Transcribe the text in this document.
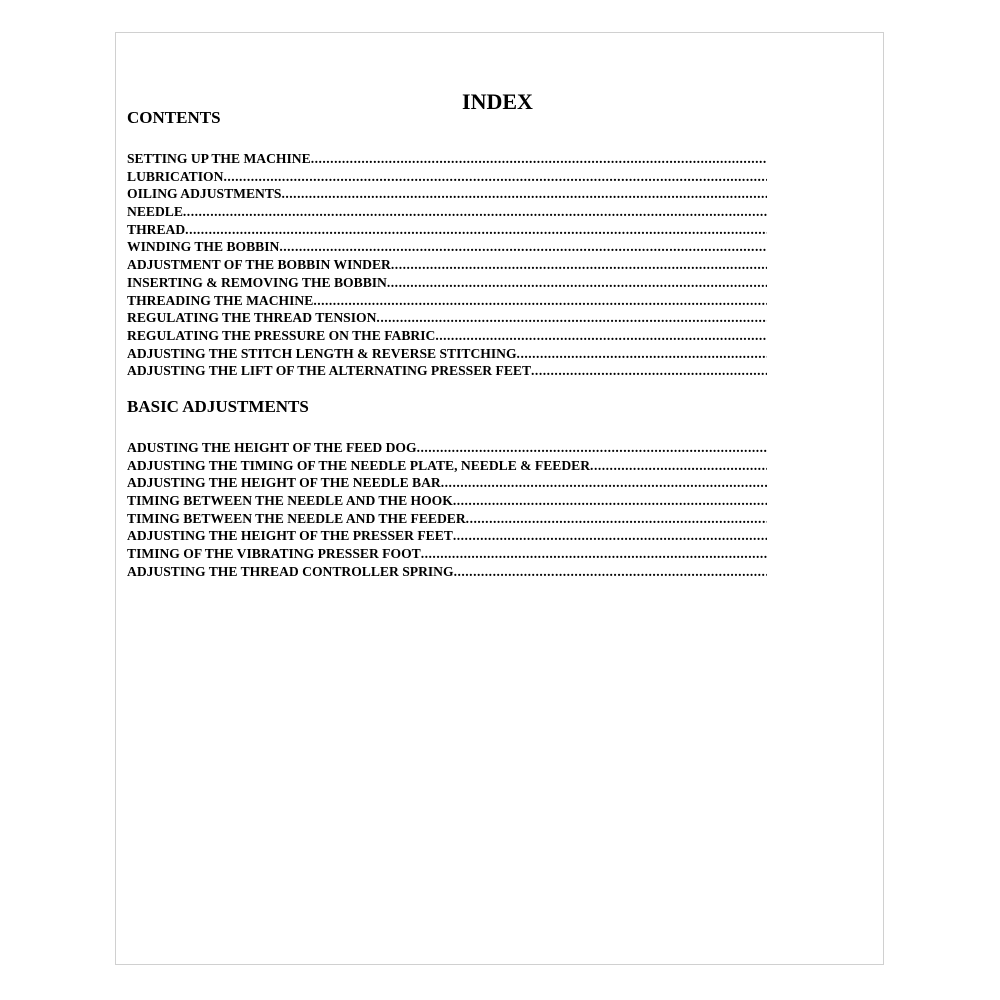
INDEX
CONTENTS
SETTING UP THE MACHINE
.....
LUBRICATION
.....
OILING ADJUSTMENTS
.....
NEEDLE
.....
THREAD
.....
WINDING THE BOBBIN
.....
ADJUSTMENT OF THE BOBBIN WINDER
.....
INSERTING & REMOVING THE BOBBIN
.....
THREADING THE MACHINE
.....
REGULATING THE THREAD TENSION
.....
REGULATING THE PRESSURE ON THE FABRIC
.....
ADJUSTING THE STITCH LENGTH & REVERSE STITCHING
.....
ADJUSTING THE LIFT OF THE ALTERNATING PRESSER FEET
.....
BASIC ADJUSTMENTS
ADUSTING THE HEIGHT OF THE FEED DOG
.....
ADJUSTING THE TIMING OF THE NEEDLE PLATE, NEEDLE & FEEDER
.....
ADJUSTING THE HEIGHT OF THE NEEDLE BAR
.....
TIMING BETWEEN THE NEEDLE AND THE HOOK
.....
TIMING BETWEEN THE NEEDLE AND THE FEEDER
.....
ADJUSTING THE HEIGHT OF THE PRESSER FEET
.....
TIMING OF THE VIBRATING PRESSER FOOT
.....
ADJUSTING THE THREAD CONTROLLER SPRING
.....
